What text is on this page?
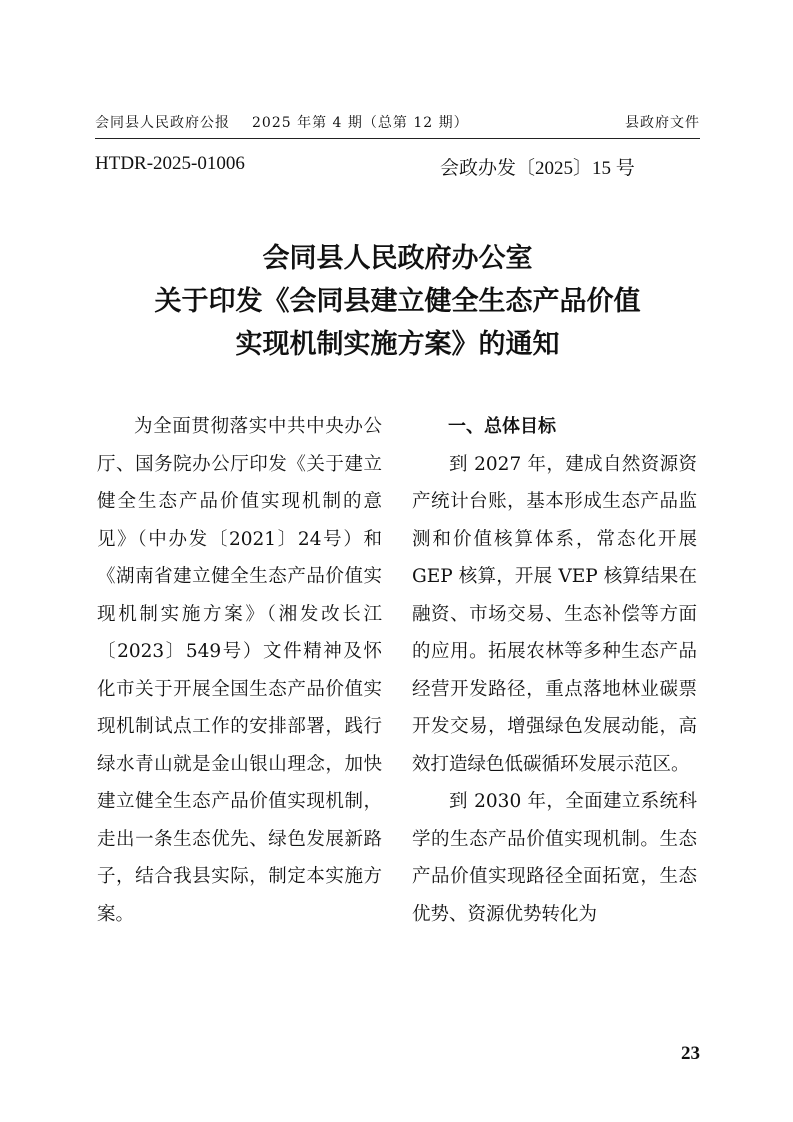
会同县人民政府公报 2025 年第 4 期（总第 12 期）	县政府文件
HTDR-2025-01006	会政办发〔2025〕15 号
会同县人民政府办公室
关于印发《会同县建立健全生态产品价值
实现机制实施方案》的通知

为全面贯彻落实中共中央办公厅、国务院办公厅印发《关于建立健全生态产品价值实现机制的意见》（中办发〔2021〕24号）和《湖南省建立健全生态产品价值实现机制实施方案》（湘发改长江〔2023〕549号）文件精神及怀化市关于开展全国生态产品价值实现机制试点工作的安排部署，践行绿水青山就是金山银山理念，加快建立健全生态产品价值实现机制，走出一条生态优先、绿色发展新路子，结合我县实际，制定本实施方案。

一、总体目标

到 2027 年，建成自然资源资产统计台账，基本形成生态产品监测和价值核算体系，常态化开展 GEP 核算，开展 VEP 核算结果在融资、市场交易、生态补偿等方面的应用。拓展农林等多种生态产品经营开发路径，重点落地林业碳票开发交易，增强绿色发展动能，高效打造绿色低碳循环发展示范区。

到 2030 年，全面建立系统科学的生态产品价值实现机制。生态产品价值实现路径全面拓宽，生态优势、资源优势转化为

23
